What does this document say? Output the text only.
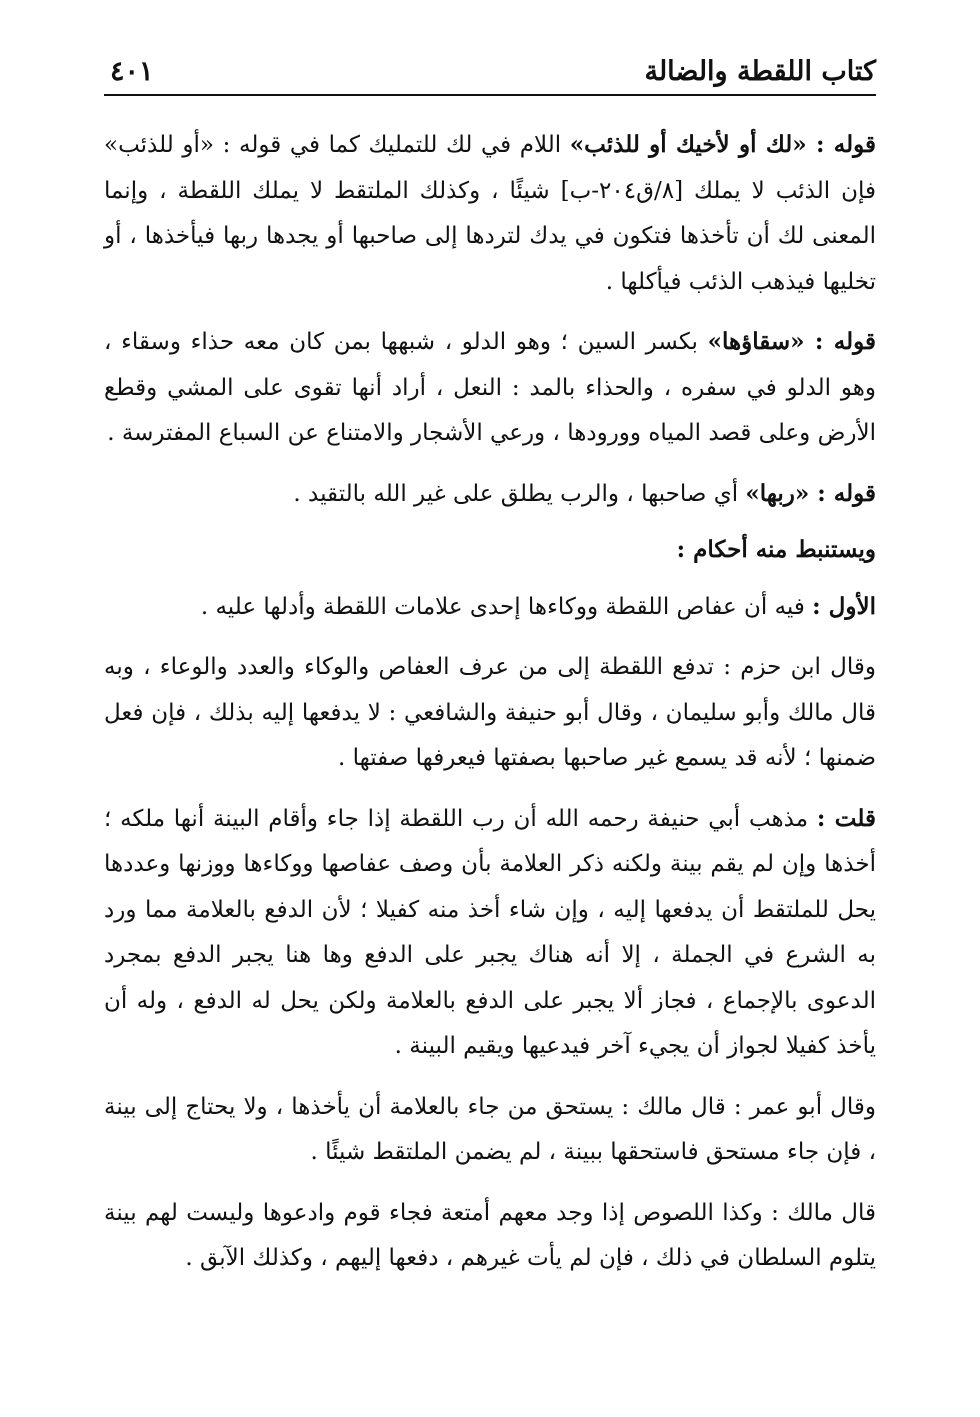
كتاب اللقطة والضالة
٤٠١

قوله : «لك أو لأخيك أو للذئب» اللام في لك للتمليك كما في قوله : «أو للذئب» فإن الذئب لا يملك [٨/ق٢٠٤-ب] شيئًا ، وكذلك الملتقط لا يملك اللقطة ، وإنما المعنى لك أن تأخذها فتكون في يدك لتردها إلى صاحبها أو يجدها ربها فيأخذها ، أو تخليها فيذهب الذئب فيأكلها .

قوله : «سقاؤها» بكسر السين ؛ وهو الدلو ، شبهها بمن كان معه حذاء وسقاء ، وهو الدلو في سفره ، والحذاء بالمد : النعل ، أراد أنها تقوى على المشي وقطع الأرض وعلى قصد المياه وورودها ، ورعي الأشجار والامتناع عن السباع المفترسة .

قوله : «ربها» أي صاحبها ، والرب يطلق على غير الله بالتقيد .

ويستنبط منه أحكام :

الأول : فيه أن عفاص اللقطة ووكاءها إحدى علامات اللقطة وأدلها عليه .

وقال ابن حزم : تدفع اللقطة إلى من عرف العفاص والوكاء والعدد والوعاء ، وبه قال مالك وأبو سليمان ، وقال أبو حنيفة والشافعي : لا يدفعها إليه بذلك ، فإن فعل ضمنها ؛ لأنه قد يسمع غير صاحبها بصفتها فيعرفها صفتها .

قلت : مذهب أبي حنيفة رحمه الله أن رب اللقطة إذا جاء وأقام البينة أنها ملكه ؛ أخذها وإن لم يقم بينة ولكنه ذكر العلامة بأن وصف عفاصها ووكاءها ووزنها وعددها يحل للملتقط أن يدفعها إليه ، وإن شاء أخذ منه كفيلا ؛ لأن الدفع بالعلامة مما ورد به الشرع في الجملة ، إلا أنه هناك يجبر على الدفع وها هنا يجبر الدفع بمجرد الدعوى بالإجماع ، فجاز ألا يجبر على الدفع بالعلامة ولكن يحل له الدفع ، وله أن يأخذ كفيلا لجواز أن يجيء آخر فيدعيها ويقيم البينة .

وقال أبو عمر : قال مالك : يستحق من جاء بالعلامة أن يأخذها ، ولا يحتاج إلى بينة ، فإن جاء مستحق فاستحقها ببينة ، لم يضمن الملتقط شيئًا .

قال مالك : وكذا اللصوص إذا وجد معهم أمتعة فجاء قوم وادعوها وليست لهم بينة يتلوم السلطان في ذلك ، فإن لم يأت غيرهم ، دفعها إليهم ، وكذلك الآبق .
